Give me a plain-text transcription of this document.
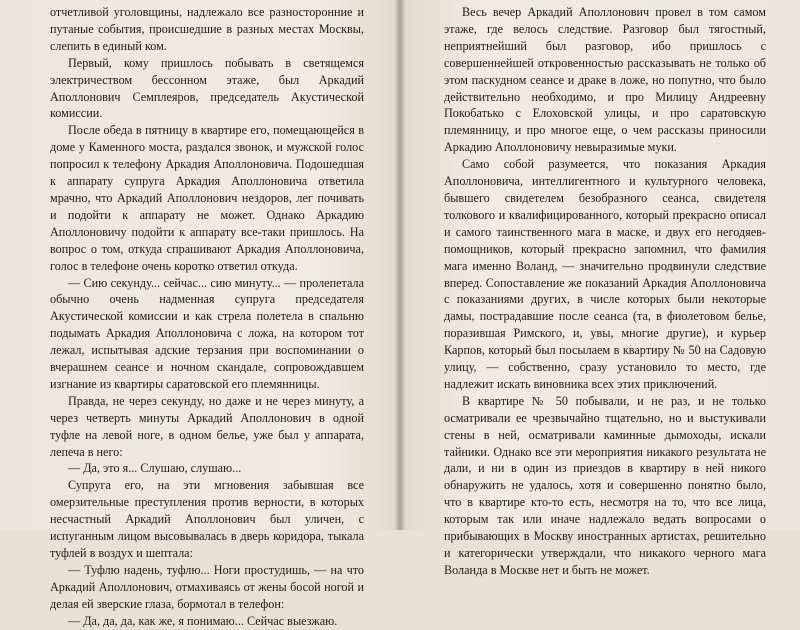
отчетливой уголовщины, надлежало все разносторонние и путаные события, происшедшие в разных местах Москвы, слепить в единый ком.

Первый, кому пришлось побывать в светящемся электричеством бессонном этаже, был Аркадий Аполлонович Семплеяров, председатель Акустической комиссии.

После обеда в пятницу в квартире его, помещающейся в доме у Каменного моста, раздался звонок, и мужской голос попросил к телефону Аркадия Аполлоновича. Подошедшая к аппарату супруга Аркадия Аполлоновича ответила мрачно, что Аркадий Аполлонович нездоров, лег почивать и подойти к аппарату не может. Однако Аркадию Аполлоновичу подойти к аппарату все-таки пришлось. На вопрос о том, откуда спрашивают Аркадия Аполлоновича, голос в телефоне очень коротко ответил откуда.

— Сию секунду... сейчас... сию минуту... — пролепетала обычно очень надменная супруга председателя Акустической комиссии и как стрела полетела в спальню подымать Аркадия Аполлоновича с ложа, на котором тот лежал, испытывая адские терзания при воспоминании о вчерашнем сеансе и ночном скандале, сопровождавшем изгнание из квартиры саратовской его племянницы.

Правда, не через секунду, но даже и не через минуту, а через четверть минуты Аркадий Аполлонович в одной туфле на левой ноге, в одном белье, уже был у аппарата, лепеча в него:

— Да, это я... Слушаю, слушаю...

Супруга его, на эти мгновения забывшая все омерзительные преступления против верности, в которых несчастный Аркадий Аполлонович был уличен, с испуганным лицом высовывалась в дверь коридора, тыкала туфлей в воздух и шептала:

— Туфлю надень, туфлю... Ноги простудишь, — на что Аркадий Аполлонович, отмахиваясь от жены босой ногой и делая ей зверские глаза, бормотал в телефон:

— Да, да, да, как же, я понимаю... Сейчас выезжаю.

Весь вечер Аркадий Аполлонович провел в том самом этаже, где велось следствие. Разговор был тягостный, неприятнейший был разговор, ибо пришлось с совершеннейшей откровенностью рассказывать не только об этом паскудном сеансе и драке в ложе, но попутно, что было действительно необходимо, и про Милицу Андреевну Покобатько с Елоховской улицы, и про саратовскую племянницу, и про многое еще, о чем рассказы приносили Аркадию Аполлоновичу невыразимые муки.

Само собой разумеется, что показания Аркадия Аполлоновича, интеллигентного и культурного человека, бывшего свидетелем безобразного сеанса, свидетеля толкового и квалифицированного, который прекрасно описал и самого таинственного мага в маске, и двух его негодяев-помощников, который прекрасно запомнил, что фамилия мага именно Воланд, — значительно продвинули следствие вперед. Сопоставление же показаний Аркадия Аполлоновича с показаниями других, в числе которых были некоторые дамы, пострадавшие после сеанса (та, в фиолетовом белье, поразившая Римского, и, увы, многие другие), и курьер Карпов, который был посылаем в квартиру № 50 на Садовую улицу, — собственно, сразу установило то место, где надлежит искать виновника всех этих приключений.

В квартире № 50 побывали, и не раз, и не только осматривали ее чрезвычайно тщательно, но и выстукивали стены в ней, осматривали каминные дымоходы, искали тайники. Однако все эти мероприятия никакого результата не дали, и ни в один из приездов в квартиру в ней никого обнаружить не удалось, хотя и совершенно понятно было, что в квартире кто-то есть, несмотря на то, что все лица, которым так или иначе надлежало ведать вопросами о прибывающих в Москву иностранных артистах, решительно и категорически утверждали, что никакого черного мага Воланда в Москве нет и быть не может.
